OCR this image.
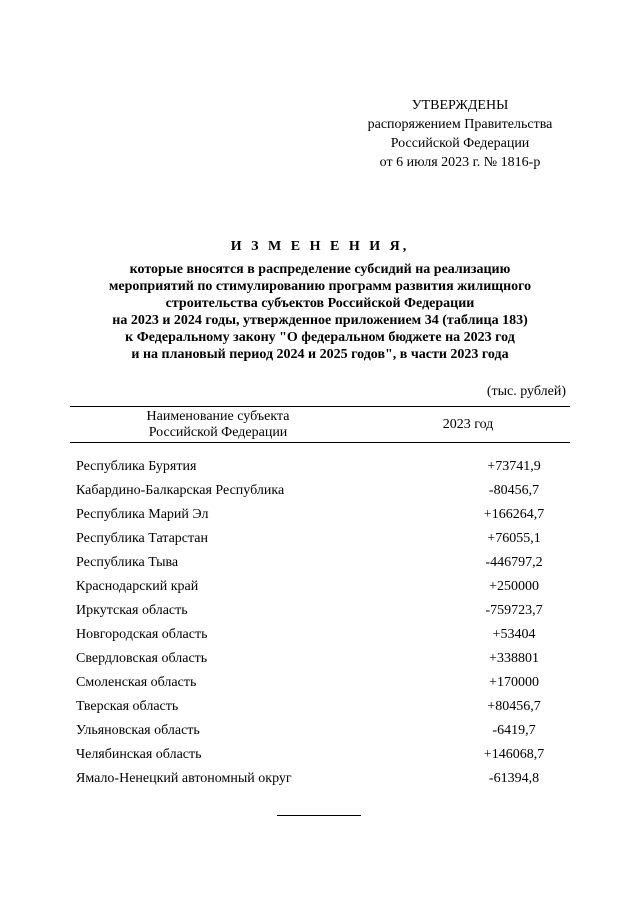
УТВЕРЖДЕНЫ
распоряжением Правительства
Российской Федерации
от 6 июля 2023 г. № 1816-р
И З М Е Н Е Н И Я,
которые вносятся в распределение субсидий на реализацию
мероприятий по стимулированию программ развития жилищного
строительства субъектов Российской Федерации
на 2023 и 2024 годы, утвержденное приложением 34 (таблица 183)
к Федеральному закону "О федеральном бюджете на 2023 год
и на плановый период 2024 и 2025 годов", в части 2023 года
(тыс. рублей)
Наименование субъекта
Российской Федерации
2023 год
Республика Бурятия	+73741,9
Кабардино-Балкарская Республика	-80456,7
Республика Марий Эл	+166264,7
Республика Татарстан	+76055,1
Республика Тыва	-446797,2
Краснодарский край	+250000
Иркутская область	-759723,7
Новгородская область	+53404
Свердловская область	+338801
Смоленская область	+170000
Тверская область	+80456,7
Ульяновская область	-6419,7
Челябинская область	+146068,7
Ямало-Ненецкий автономный округ	-61394,8
